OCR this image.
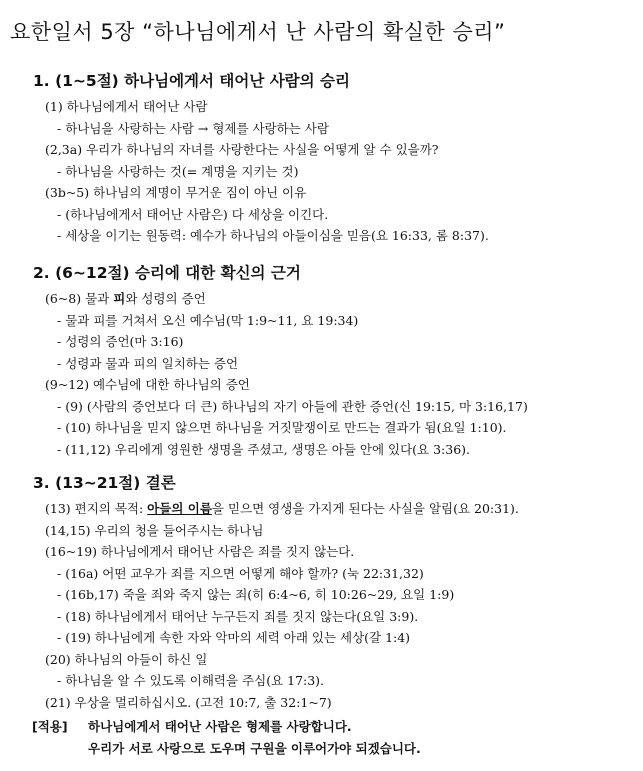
요한일서 5장 “하나님에게서 난 사람의 확실한 승리”
1. (1~5절) 하나님에게서 태어난 사람의 승리
(1) 하나님에게서 태어난 사람
- 하나님을 사랑하는 사람 → 형제를 사랑하는 사람
(2,3a) 우리가 하나님의 자녀를 사랑한다는 사실을 어떻게 알 수 있을까?
- 하나님을 사랑하는 것(= 계명을 지키는 것)
(3b~5) 하나님의 계명이 무거운 짐이 아닌 이유
- (하나님에게서 태어난 사람은) 다 세상을 이긴다.
- 세상을 이기는 원동력: 예수가 하나님의 아들이심을 믿음(요 16:33, 롬 8:37).
2. (6~12절) 승리에 대한 확신의 근거
(6~8) 물과 피와 성령의 증언
- 물과 피를 거쳐서 오신 예수님(막 1:9~11, 요 19:34)
- 성령의 증언(마 3:16)
- 성령과 물과 피의 일치하는 증언
(9~12) 예수님에 대한 하나님의 증언
- (9) (사람의 증언보다 더 큰) 하나님의 자기 아들에 관한 증언(신 19:15, 마 3:16,17)
- (10) 하나님을 믿지 않으면 하나님을 거짓말쟁이로 만드는 결과가 됨(요일 1:10).
- (11,12) 우리에게 영원한 생명을 주셨고, 생명은 아들 안에 있다(요 3:36).
3. (13~21절) 결론
(13) 편지의 목적: 아들의 이름을 믿으면 영생을 가지게 된다는 사실을 알림(요 20:31).
(14,15) 우리의 청을 들어주시는 하나님
(16~19) 하나님에게서 태어난 사람은 죄를 짓지 않는다.
- (16a) 어떤 교우가 죄를 지으면 어떻게 해야 할까? (눅 22:31,32)
- (16b,17) 죽을 죄와 죽지 않는 죄(히 6:4~6, 히 10:26~29, 요일 1:9)
- (18) 하나님에게서 태어난 누구든지 죄를 짓지 않는다(요일 3:9).
- (19) 하나님에게 속한 자와 악마의 세력 아래 있는 세상(갈 1:4)
(20) 하나님의 아들이 하신 일
- 하나님을 알 수 있도록 이해력을 주심(요 17:3).
(21) 우상을 멀리하십시오. (고전 10:7, 출 32:1~7)
[적용] 하나님에게서 태어난 사람은 형제를 사랑합니다.
우리가 서로 사랑으로 도우며 구원을 이루어가야 되겠습니다.
